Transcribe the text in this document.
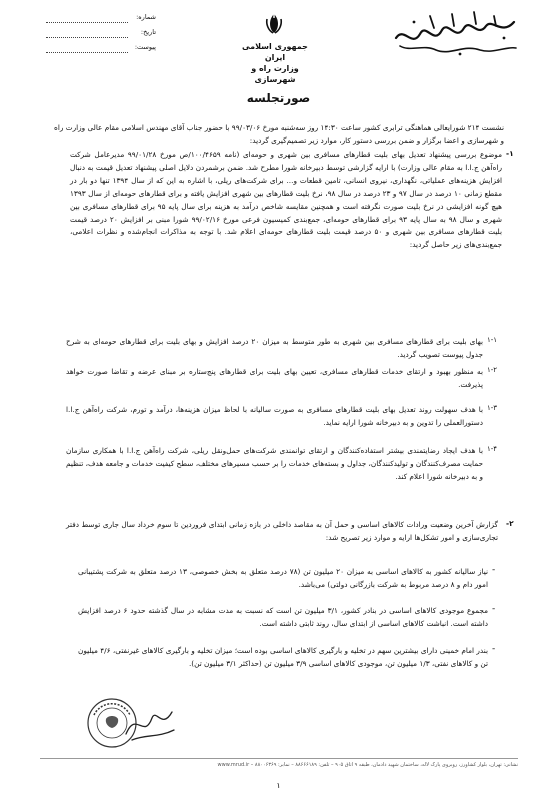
شماره:
تاریخ:
پیوست:	جمهوری اسلامی ایران
وزارت راه و شهرسازی
صورتجلسه
نشست ۲۱۴ شورایعالی هماهنگی ترابری کشور ساعت ۱۴:۳۰ روز سه‌شنبه مورخ ۹۹/۰۳/۰۶ با حضور جناب آقای مهندس اسلامی مقام عالی وزارت راه و شهرسازی و اعضا برگزار و ضمن بررسی دستور کار، موارد زیر تصمیم‌گیری گردید:
۱-
موضوع بررسی پیشنهاد تعدیل بهای بلیت قطارهای مسافری بین شهری و حومه‌ای (نامه ۱۰۰/۴۶۵۹/ص مورخ ۹۹/۰۱/۲۸ مدیرعامل شرکت راه‌آهن ج.ا.ا به مقام عالی وزارت) با ارایه گزارشی توسط دبیرخانه شورا مطرح شد. ضمن برشمردن دلایل اصلی پیشنهاد تعدیل قیمت به دنبال افزایش هزینه‌های عملیاتی، نگهداری، نیروی انسانی، تامین قطعات و... برای شرکت‌های ریلی، با اشاره به این که از سال ۱۳۹۴ تنها دو بار در مقطع زمانی ۱۰ درصد در سال ۹۷ و ۲۳ درصد در سال ۹۸، نرخ بلیت قطارهای بین شهری افزایش یافته و برای قطارهای حومه‌ای از سال ۱۳۹۳ هیچ گونه افزایشی در نرخ بلیت صورت نگرفته است و همچنین مقایسه شاخص درآمد به هزینه برای سال پایه ۹۵ برای قطارهای مسافری بین شهری و سال ۹۸ به سال پایه ۹۳ برای قطارهای حومه‌ای، جمع‌بندی کمیسیون فرعی مورخ ۹۹/۰۲/۱۶ شورا مبنی بر افزایش ۲۰ درصد قیمت بلیت قطارهای مسافری بین شهری و ۵۰ درصد قیمت بلیت قطارهای حومه‌ای اعلام شد. با توجه به مذاکرات انجام‌شده و نظرات اعلامی، جمع‌بندی‌های زیر حاصل گردید:
۱-۱
بهای بلیت برای قطارهای مسافری بین شهری به طور متوسط به میزان ۲۰ درصد افزایش و بهای بلیت برای قطارهای حومه‌ای به شرح جدول پیوست تصویب گردید.
۱-۲
به منظور بهبود و ارتقای خدمات قطارهای مسافری، تعیین بهای بلیت برای قطارهای پنج‌ستاره بر مبنای عرضه و تقاضا صورت خواهد پذیرفت.
۱-۳
با هدف سهولت روند تعدیل بهای بلیت قطارهای مسافری به صورت سالیانه با لحاظ میزان هزینه‌ها، درآمد و تورم، شرکت راه‌آهن ج.ا.ا دستورالعملی را تدوین و به دبیرخانه شورا ارایه نماید.
۱-۴
با هدف ایجاد رضایتمندی بیشتر استفاده‌کنندگان و ارتقای توانمندی شرکت‌های حمل‌ونقل ریلی، شرکت راه‌آهن ج.ا.ا با همکاری سازمان حمایت مصرف‌کنندگان و تولیدکنندگان، جداول و بسته‌های خدمات را بر حسب مسیرهای مختلف، سطح کیفیت خدمات و جامعه هدف، تنظیم و به دبیرخانه شورا اعلام کند.
۲-
گزارش آخرین وضعیت ورادات کالاهای اساسی و حمل آن به مقاصد داخلی در بازه زمانی ابتدای فروردین تا سوم خرداد سال جاری توسط دفتر تجاری‌سازی و امور تشکل‌ها ارایه و موارد زیر تصریح شد:
-
نیاز سالیانه کشور به کالاهای اساسی به میزان ۲۰ میلیون تن (۷۸ درصد متعلق به بخش خصوصی، ۱۳ درصد متعلق به شرکت پشتیبانی امور دام و ۸ درصد مربوط به شرکت بازرگانی دولتی) می‌باشد.
-
مجموع موجودی کالاهای اساسی در بنادر کشور، ۳/۱ میلیون تن است که نسبت به مدت مشابه در سال گذشته حدود ۶ درصد افزایش داشته است. انباشت کالاهای اساسی از ابتدای سال، روند ثابتی داشته است.
-
بندر امام خمینی دارای بیشترین سهم در تخلیه و بارگیری کالاهای اساسی بوده است؛ میزان تخلیه و بارگیری کالاهای غیرنفتی، ۴/۶ میلیون تن و کالاهای نفتی، ۱/۳ میلیون تن، موجودی کالاهای اساسی ۳/۹ میلیون تن (حداکثر ۳/۱ میلیون تن).
نشانی: تهران، بلوار کشاورز، روبروی پارک لاله، ساختمان شهید دادمان، طبقه ۹ اتاق ۹۰۵ – تلفن: ۸۸۶۶۶۱۸۹ – نمابر: ۸۸۰۰۶۳۶۹ – www.mrud.ir
۱
